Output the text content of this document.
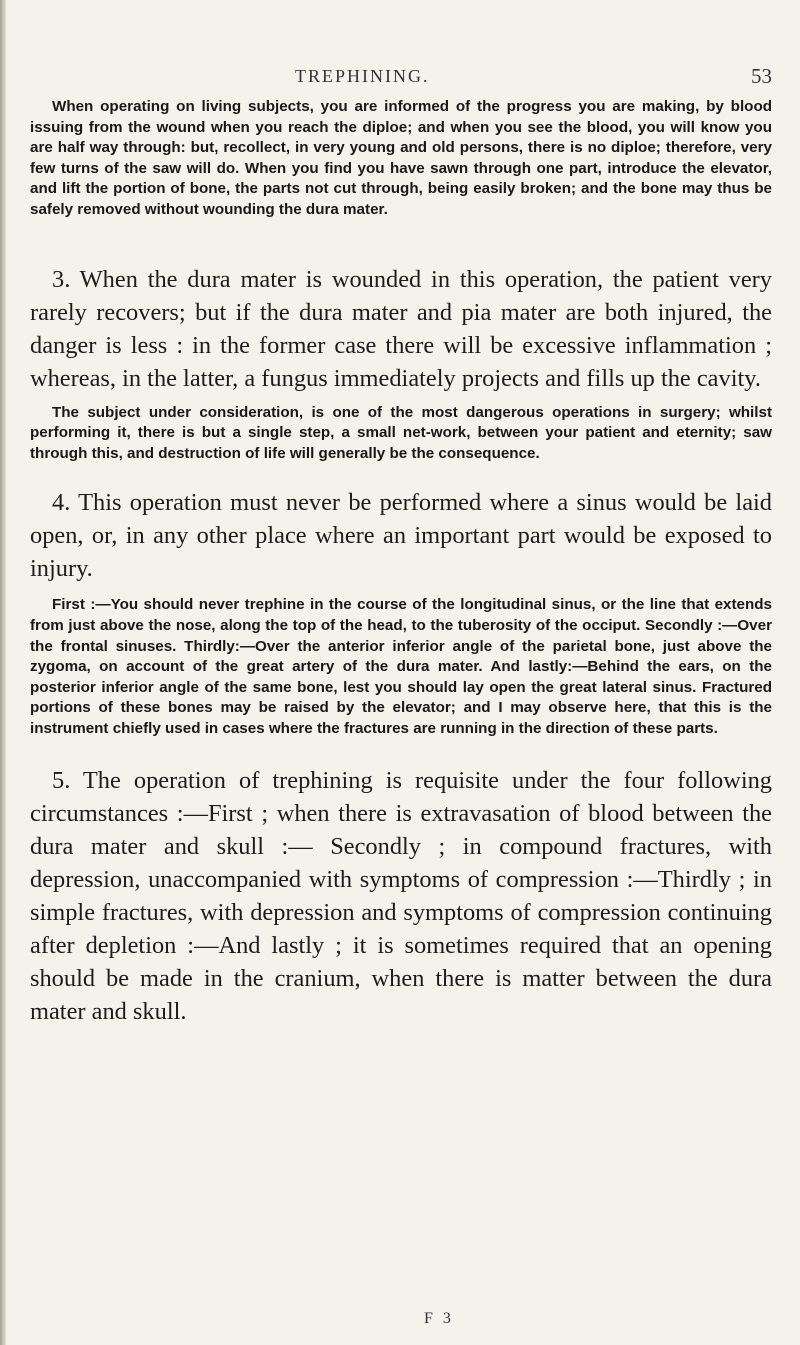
TREPHINING.	53

When operating on living subjects, you are informed of the progress you are making, by blood issuing from the wound when you reach the diploe; and when you see the blood, you will know you are half way through: but, recollect, in very young and old persons, there is no diploe; therefore, very few turns of the saw will do. When you find you have sawn through one part, introduce the elevator, and lift the portion of bone, the parts not cut through, being easily broken; and the bone may thus be safely removed without wounding the dura mater.

3. When the dura mater is wounded in this operation, the patient very rarely recovers; but if the dura mater and pia mater are both injured, the danger is less : in the former case there will be excessive inflammation ; whereas, in the latter, a fungus immediately projects and fills up the cavity.

The subject under consideration, is one of the most dangerous operations in surgery; whilst performing it, there is but a single step, a small net-work, between your patient and eternity; saw through this, and destruction of life will generally be the consequence.

4. This operation must never be performed where a sinus would be laid open, or, in any other place where an important part would be exposed to injury.

First :—You should never trephine in the course of the longitudinal sinus, or the line that extends from just above the nose, along the top of the head, to the tuberosity of the occiput. Secondly :—Over the frontal sinuses. Thirdly:—Over the anterior inferior angle of the parietal bone, just above the zygoma, on account of the great artery of the dura mater. And lastly:—Behind the ears, on the posterior inferior angle of the same bone, lest you should lay open the great lateral sinus. Fractured portions of these bones may be raised by the elevator; and I may observe here, that this is the instrument chiefly used in cases where the fractures are running in the direction of these parts.

5. The operation of trephining is requisite under the four following circumstances :—First ; when there is extravasation of blood between the dura mater and skull :— Secondly ; in compound fractures, with depression, unaccompanied with symptoms of compression :—Thirdly ; in simple fractures, with depression and symptoms of compression continuing after depletion :—And lastly ; it is sometimes required that an opening should be made in the cranium, when there is matter between the dura mater and skull.

F 3
